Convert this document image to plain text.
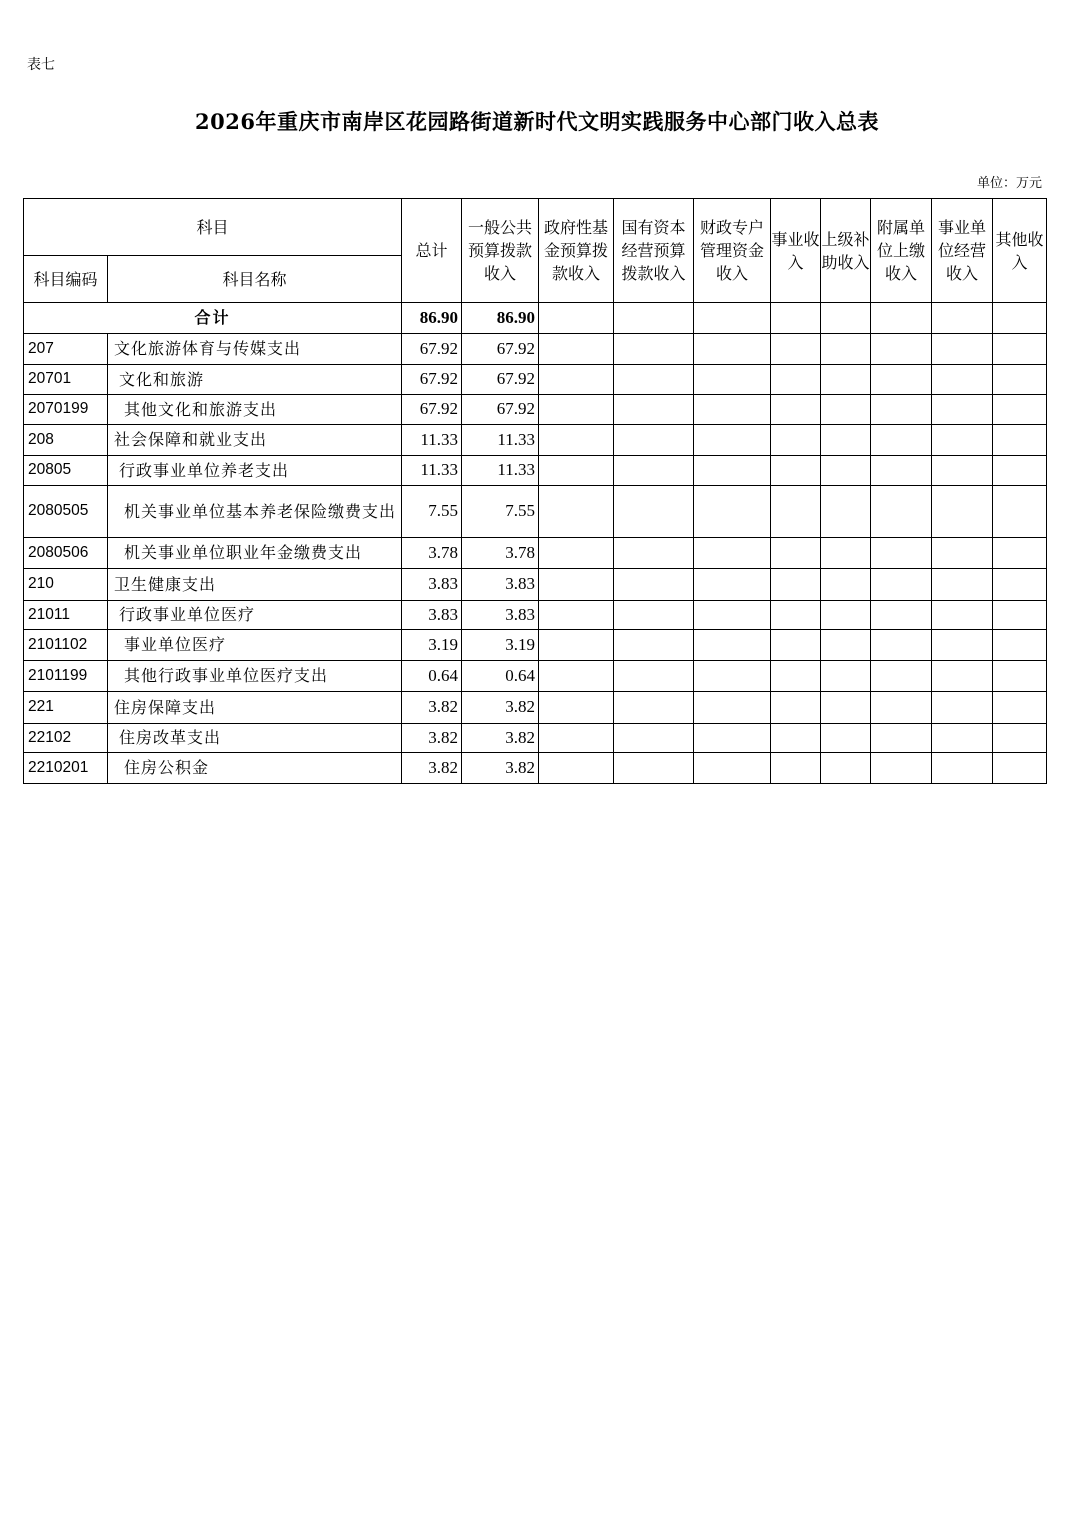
表七
2026年重庆市南岸区花园路街道新时代文明实践服务中心部门收入总表
单位：万元
科目		总计	一般公共预算拨款收入	政府性基金预算拨款收入	国有资本经营预算拨款收入	财政专户管理资金收入	事业收入	上级补助收入	附属单位上缴收入	事业单位经营收入	其他收入
科目编码	科目名称										
合计		86.90	86.90								
207	文化旅游体育与传媒支出	67.92	67.92								
20701	文化和旅游	67.92	67.92								
2070199	其他文化和旅游支出	67.92	67.92								
208	社会保障和就业支出	11.33	11.33								
20805	行政事业单位养老支出	11.33	11.33								
2080505	机关事业单位基本养老保险缴费支出	7.55	7.55								
2080506	机关事业单位职业年金缴费支出	3.78	3.78								
210	卫生健康支出	3.83	3.83								
21011	行政事业单位医疗	3.83	3.83								
2101102	事业单位医疗	3.19	3.19								
2101199	其他行政事业单位医疗支出	0.64	0.64								
221	住房保障支出	3.82	3.82								
22102	住房改革支出	3.82	3.82								
2210201	住房公积金	3.82	3.82								
